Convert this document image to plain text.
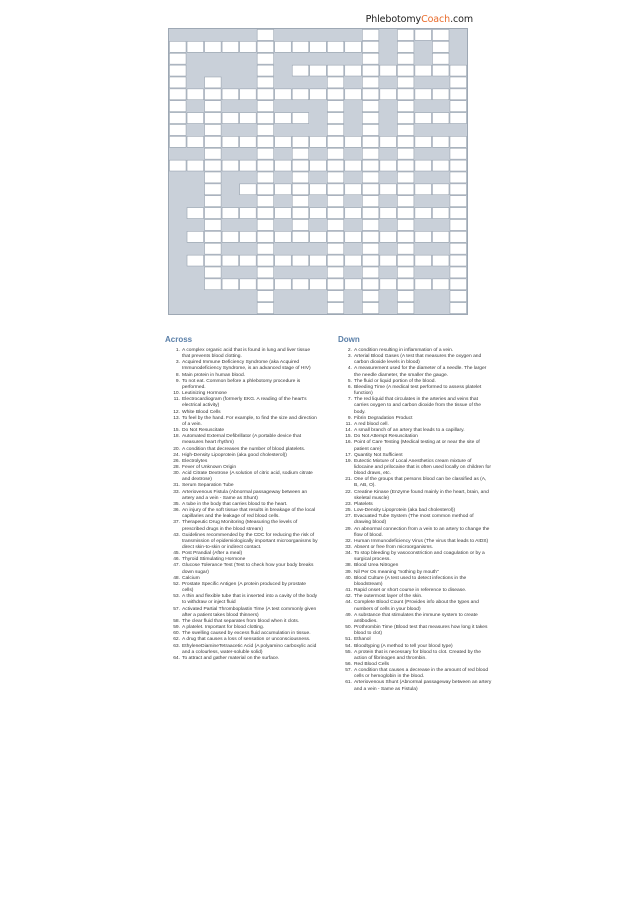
PhlebotomyCoach.com
Across	Down
1. A complex organic acid that is found in lung and liver tissue that prevents blood clotting.
3. Acquired Immune Deficiency Syndrome (aka Acquired Immunodeficiency Syndrome, is an advanced stage of HIV)
8. Main protein in human blood.
9. To not eat. Common before a phlebotomy procedure is performed.
10. Leutinizing Hormone
11. Electrocardiogram (formerly EKG. A reading of the heart's electrical activity)
12. White Blood Cells
13. To feel by the hand. For example, to find the size and direction of a vein.
15. Do Not Resuscitate
18. Automated External Defibrillator (A portable device that measures heart rhythm)
20. A condition that decreases the number of blood platelets.
24. High-Density Lipoprotein (aka good cholesterol))
26. Electrolytes
28. Fever of Unknown Origin
30. Acid Citrate Dextrose (A solution of citric acid, sodium citrate and dextrose)
31. Serum Separation Tube
33. Arteriovenous Fistula (Abnormal passageway between an artery and a vein - Same as Shunt)
35. A tube in the body that carries blood to the heart.
36. An injury of the soft tissue that results in breakage of the local capillaries and the leakage of red blood cells.
37. Therapeutic Drug Monitoring (Measuring the levels of prescribed drugs in the blood stream)
43. Guidelines recommended by the CDC for reducing the risk of transmission of epidemiologically important microorganisms by direct skin-to-skin or indirect contact.
45. Post Prandial (After a meal)
46. Thyroid Stimulating Hormone
47. Glucose Tolerance Test (Test to check how your body breaks down sugar)
48. Calcium
52. Prostate Specific Antigen (A protein produced by prostate cells)
53. A thin and flexible tube that is inserted into a cavity of the body to withdraw or inject fluid
57. Activated Partial Thromboplastin Time (A test commonly given after a patient takes blood thinners)
58. The clear fluid that separates from blood when it clots.
59. A platelet. Important for blood clotting.
60. The swelling caused by excess fluid accumulation in tissue.
62. A drug that causes a loss of sensation or unconsciousness.
63. EthyleneDiamineTetraacetic Acid (A polyamino carboxylic acid and a colourless, water-soluble solid)
64. To attract and gather material on the surface.
2. A condition resulting in inflammation of a vein.
3. Arterial Blood Gases (A test that measures the oxygen and carbon dioxide levels in blood)
4. A measurement used for the diameter of a needle. The larger the needle diameter, the smaller the gauge.
5. The fluid or liquid portion of the blood.
6. Bleeding Time (A medical test performed to assess platelet function)
7. The red liquid that circulates in the arteries and veins that carries oxygen to and carbon dioxide from the tissue of the body.
9. Fibrin Degradation Product
11. A red blood cell.
14. A small branch of an artery that leads to a capillary.
15. Do Not Attempt Resuscitation
16. Point of Care Testing (Medical testing at or near the site of patient care)
17. Quantity Not Sufficient
19. Eutectic Mixture of Local Anesthetics cream mixture of lidocaine and prilocaine that is often used locally on children for blood draws, etc.
21. One of the groups that persons blood can be classified as (A, B, AB, O).
22. Creatine Kinase (Enzyme found mainly in the heart, brain, and skeletal muscle)
23. Platelets
25. Low-Density Lipoprotein (aka bad cholesterol))
27. Evacuated Tube System (The most common method of drawing blood)
29. An abnormal connection from a vein to an artery to change the flow of blood.
32. Human Immunodeficiency Virus (The virus that leads to AIDS)
33. Absent or free from microorganisms.
34. To stop bleeding by vasoconstriction and coagulation or by a surgical process.
38. Blood Urea Nitrogen
39. Nil Per Os meaning "nothing by mouth"
40. Blood Culture (A test used to detect infections in the bloodstream)
41. Rapid onset or short course in reference to disease.
42. The outermost layer of the skin.
44. Complete Blood Count (Provides info about the types and numbers of cells in your blood)
49. A substance that stimulates the immune system to create antibodies.
50. Prothrombin Time (Blood test that measures how long it takes blood to clot)
51. Ethanol
54. Bloodtyping (A method to tell your blood type)
55. A protein that is necessary for blood to clot. Created by the action of fibrinogen and thrombin.
56. Red Blood Cells
57. A condition that causes a decrease in the amount of red blood cells or hemoglobin in the blood.
61. Arteriovenous Shunt (Abnormal passageway between an artery and a vein - Same as Fistula)
